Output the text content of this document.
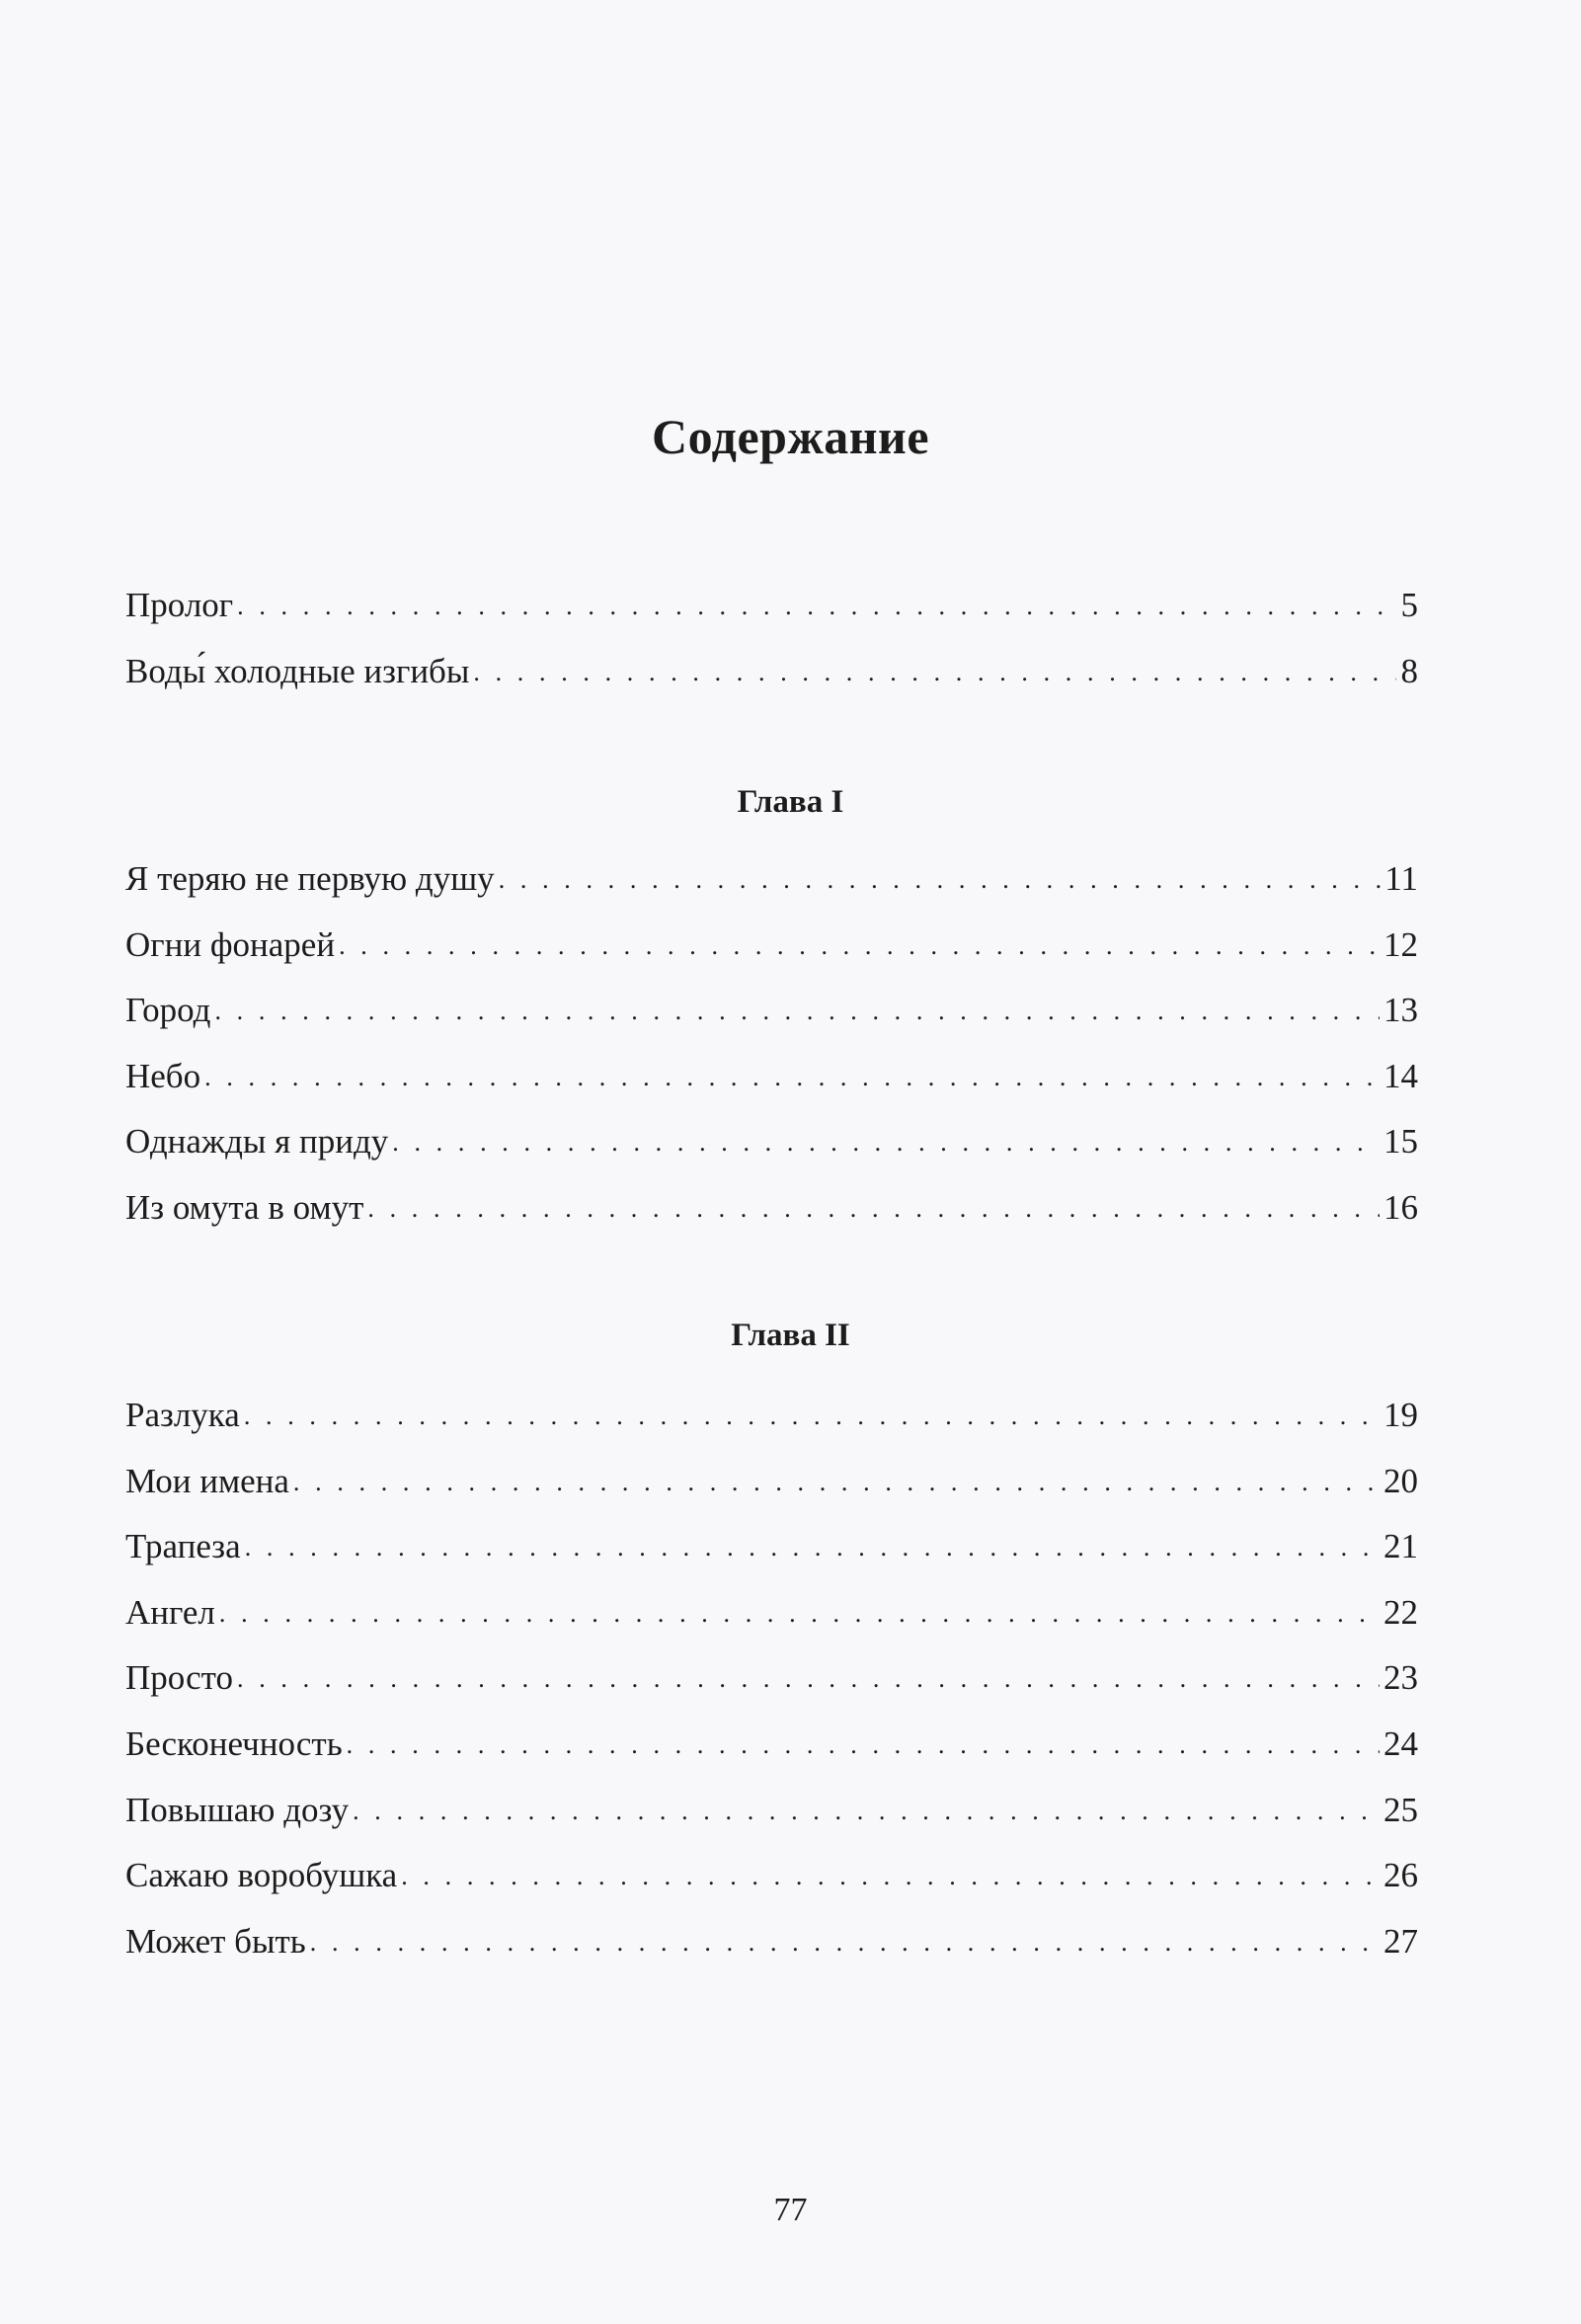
Содержание
Пролог . . .	5
Воды́ холодные изгибы . . .	8
Глава I
Я теряю не первую душу . . .	11
Огни фонарей . . .	12
Город . . .	13
Небо . . .	14
Однажды я приду . . .	15
Из омута в омут . . .	16
Глава II
Разлука . . .	19
Мои имена . . .	20
Трапеза . . .	21
Ангел . . .	22
Просто . . .	23
Бесконечность . . .	24
Повышаю дозу . . .	25
Сажаю воробушка . . .	26
Может быть . . .	27
77
